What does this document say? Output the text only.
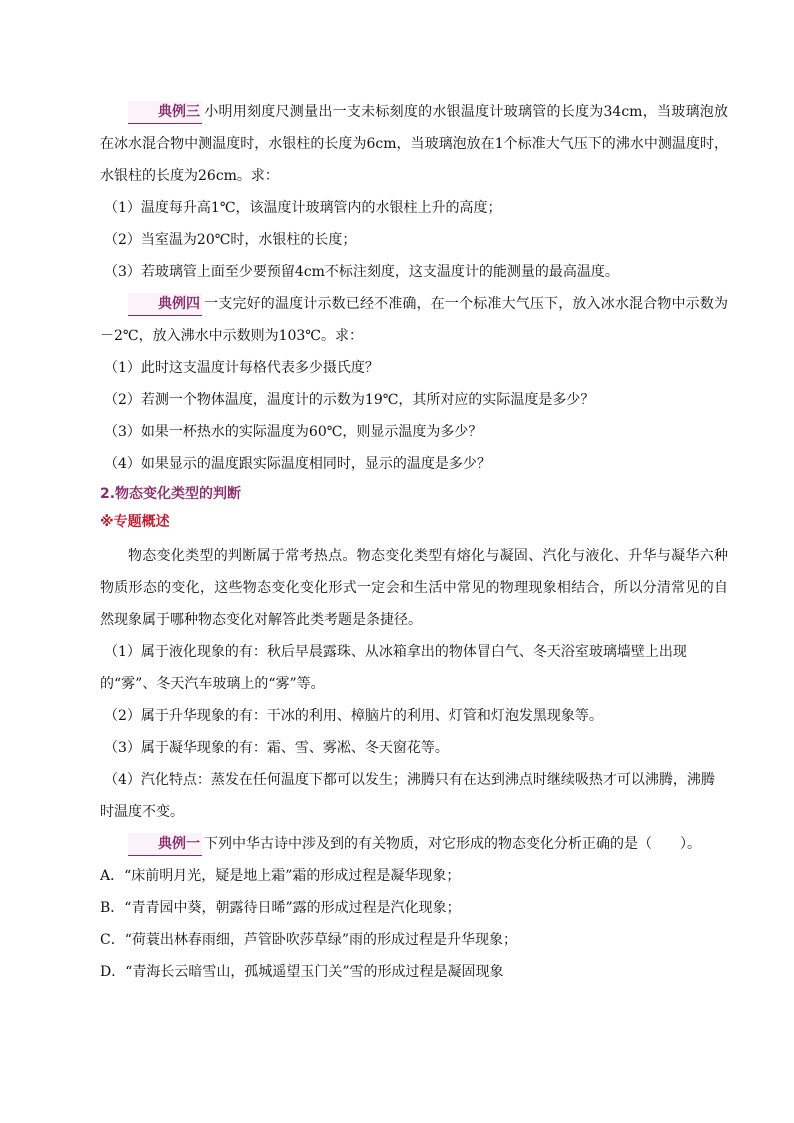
典例三 小明用刻度尺测量出一支未标刻度的水银温度计玻璃管的长度为34cm，当玻璃泡放在冰水混合物中测温度时，水银柱的长度为6cm，当玻璃泡放在1个标准大气压下的沸水中测温度时，水银柱的长度为26cm。求：

（1）温度每升高1℃，该温度计玻璃管内的水银柱上升的高度；

（2）当室温为20℃时，水银柱的长度；

（3）若玻璃管上面至少要预留4cm不标注刻度，这支温度计的能测量的最高温度。

典例四 一支完好的温度计示数已经不准确，在一个标准大气压下，放入冰水混合物中示数为－2℃，放入沸水中示数则为103℃。求：

（1）此时这支温度计每格代表多少摄氏度？

（2）若测一个物体温度，温度计的示数为19℃，其所对应的实际温度是多少？

（3）如果一杯热水的实际温度为60℃，则显示温度为多少？

（4）如果显示的温度跟实际温度相同时，显示的温度是多少？

2.物态变化类型的判断

※专题概述

物态变化类型的判断属于常考热点。物态变化类型有熔化与凝固、汽化与液化、升华与凝华六种物质形态的变化，这些物态变化变化形式一定会和生活中常见的物理现象相结合，所以分清常见的自然现象属于哪种物态变化对解答此类考题是条捷径。

（1）属于液化现象的有：秋后早晨露珠、从冰箱拿出的物体冒白气、冬天浴室玻璃墙壁上出现的“雾”、冬天汽车玻璃上的“雾”等。

（2）属于升华现象的有：干冰的利用、樟脑片的利用、灯管和灯泡发黑现象等。

（3）属于凝华现象的有：霜、雪、雾凇、冬天窗花等。

（4）汽化特点：蒸发在任何温度下都可以发生；沸腾只有在达到沸点时继续吸热才可以沸腾，沸腾时温度不变。

典例一 下列中华古诗中涉及到的有关物质，对它形成的物态变化分析正确的是（　　）。

A．“床前明月光，疑是地上霜”霜的形成过程是凝华现象；

B．“青青园中葵，朝露待日晞”露的形成过程是汽化现象；

C．“荷蓑出林春雨细，芦管卧吹莎草绿”雨的形成过程是升华现象；

D．“青海长云暗雪山，孤城遥望玉门关”雪的形成过程是凝固现象
